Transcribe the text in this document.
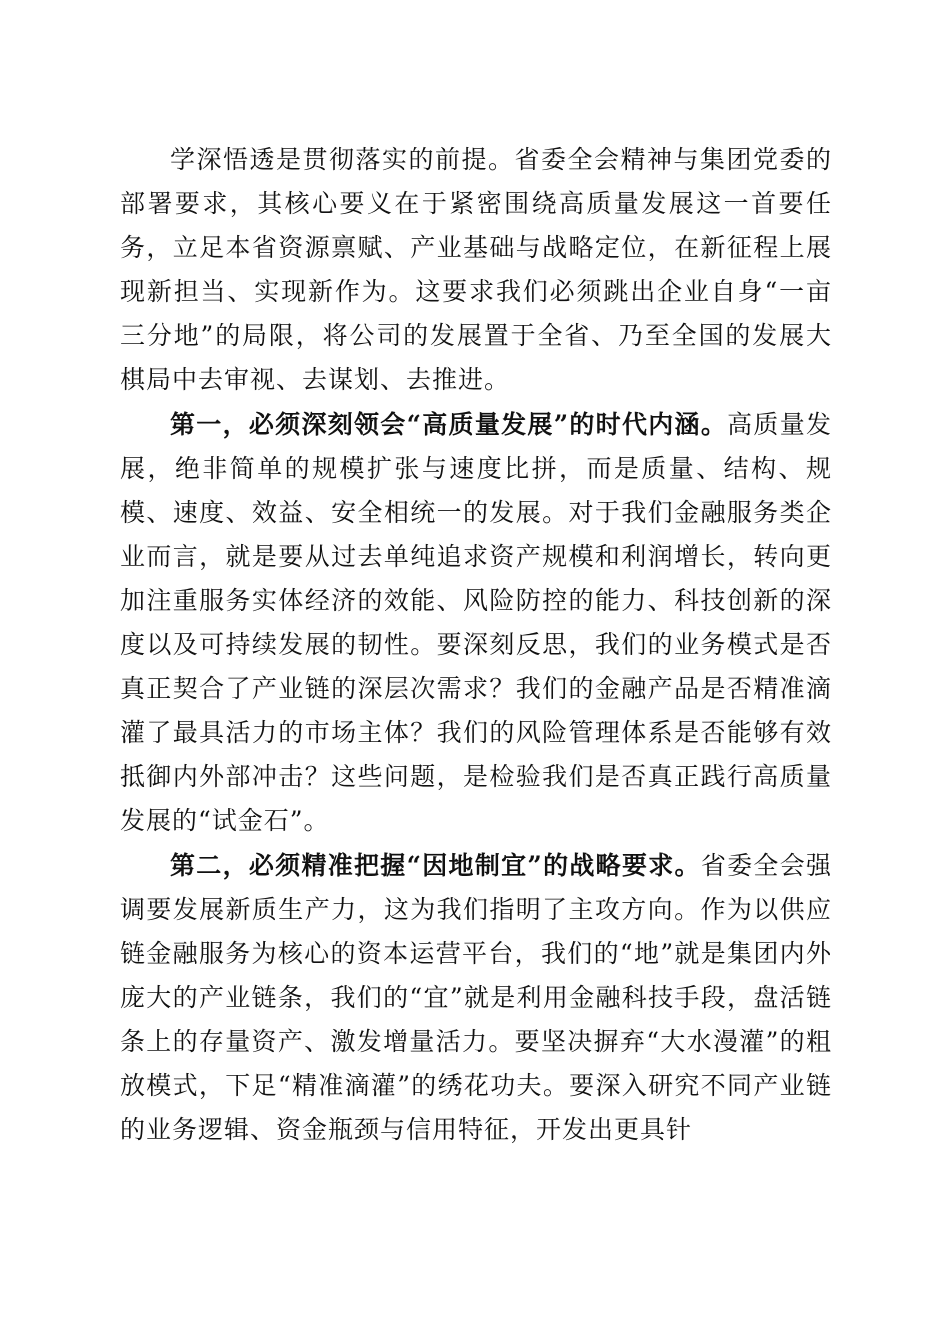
学深悟透是贯彻落实的前提。省委全会精神与集团党委的部署要求，其核心要义在于紧密围绕高质量发展这一首要任务，立足本省资源禀赋、产业基础与战略定位，在新征程上展现新担当、实现新作为。这要求我们必须跳出企业自身“一亩三分地”的局限，将公司的发展置于全省、乃至全国的发展大棋局中去审视、去谋划、去推进。

第一，必须深刻领会“高质量发展”的时代内涵。高质量发展，绝非简单的规模扩张与速度比拼，而是质量、结构、规模、速度、效益、安全相统一的发展。对于我们金融服务类企业而言，就是要从过去单纯追求资产规模和利润增长，转向更加注重服务实体经济的效能、风险防控的能力、科技创新的深度以及可持续发展的韧性。要深刻反思，我们的业务模式是否真正契合了产业链的深层次需求？我们的金融产品是否精准滴灌了最具活力的市场主体？我们的风险管理体系是否能够有效抵御内外部冲击？这些问题，是检验我们是否真正践行高质量发展的“试金石”。

第二，必须精准把握“因地制宜”的战略要求。省委全会强调要发展新质生产力，这为我们指明了主攻方向。作为以供应链金融服务为核心的资本运营平台，我们的“地”就是集团内外庞大的产业链条，我们的“宜”就是利用金融科技手段，盘活链条上的存量资产、激发增量活力。要坚决摒弃“大水漫灌”的粗放模式，下足“精准滴灌”的绣花功夫。要深入研究不同产业链的业务逻辑、资金瓶颈与信用特征，开发出更具针
